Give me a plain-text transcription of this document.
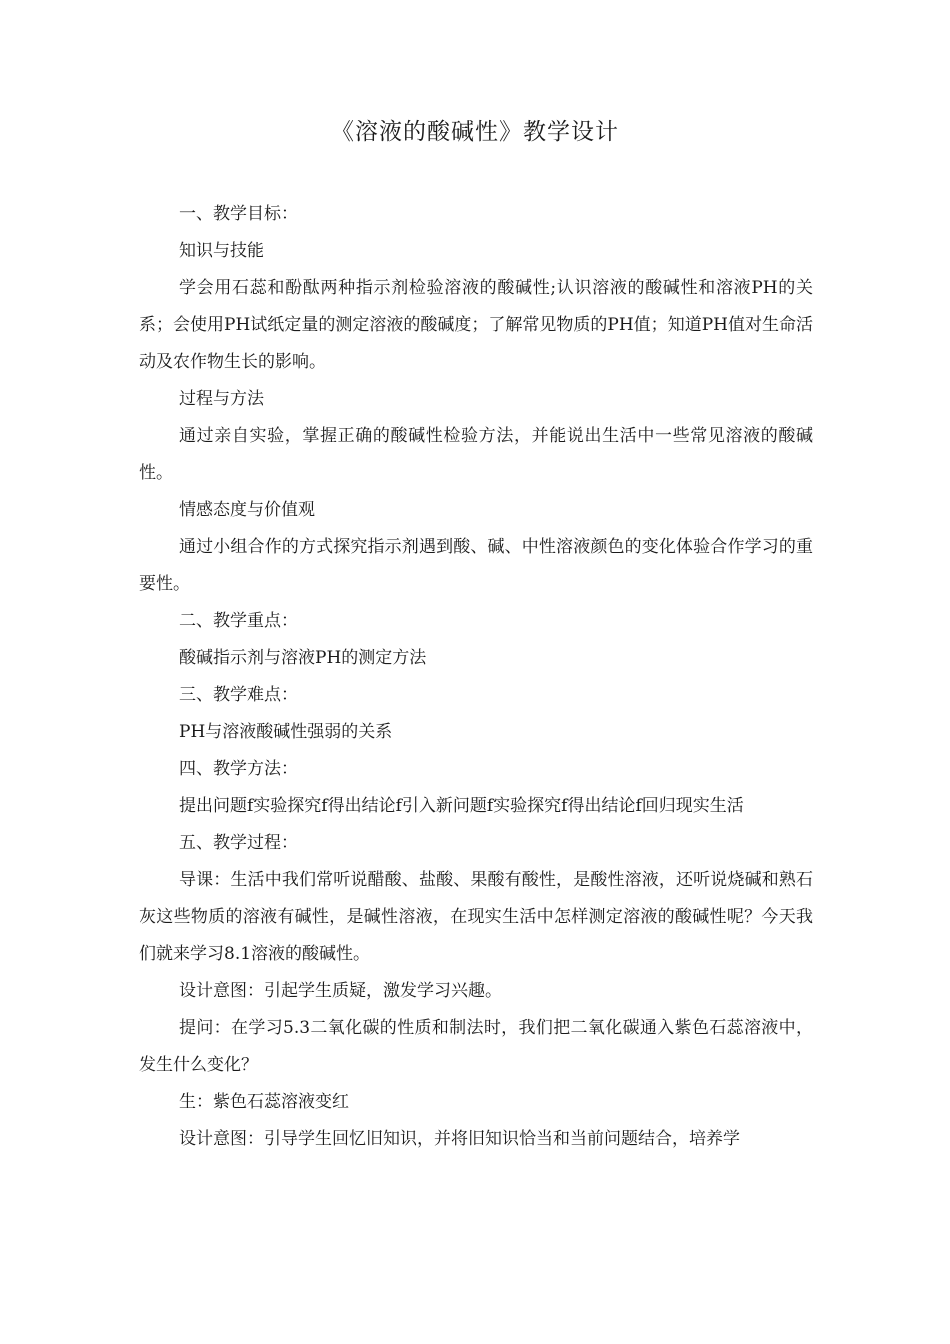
《溶液的酸碱性》教学设计

一、教学目标：

知识与技能

学会用石蕊和酚酞两种指示剂检验溶液的酸碱性;认识溶液的酸碱性和溶液PH的关系；会使用PH试纸定量的测定溶液的酸碱度；了解常见物质的PH值；知道PH值对生命活动及农作物生长的影响。

过程与方法

通过亲自实验，掌握正确的酸碱性检验方法，并能说出生活中一些常见溶液的酸碱性。

情感态度与价值观

通过小组合作的方式探究指示剂遇到酸、碱、中性溶液颜色的变化体验合作学习的重要性。

二、教学重点：

酸碱指示剂与溶液PH的测定方法

三、教学难点：

PH与溶液酸碱性强弱的关系

四、教学方法：

提出问题f实验探究f得出结论f引入新问题f实验探究f得出结论f回归现实生活

五、教学过程：

导课：生活中我们常听说醋酸、盐酸、果酸有酸性，是酸性溶液，还听说烧碱和熟石灰这些物质的溶液有碱性，是碱性溶液，在现实生活中怎样测定溶液的酸碱性呢？今天我们就来学习8.1溶液的酸碱性。

设计意图：引起学生质疑，激发学习兴趣。

提问：在学习5.3二氧化碳的性质和制法时，我们把二氧化碳通入紫色石蕊溶液中，发生什么变化？

生：紫色石蕊溶液变红

设计意图：引导学生回忆旧知识，并将旧知识恰当和当前问题结合，培养学
